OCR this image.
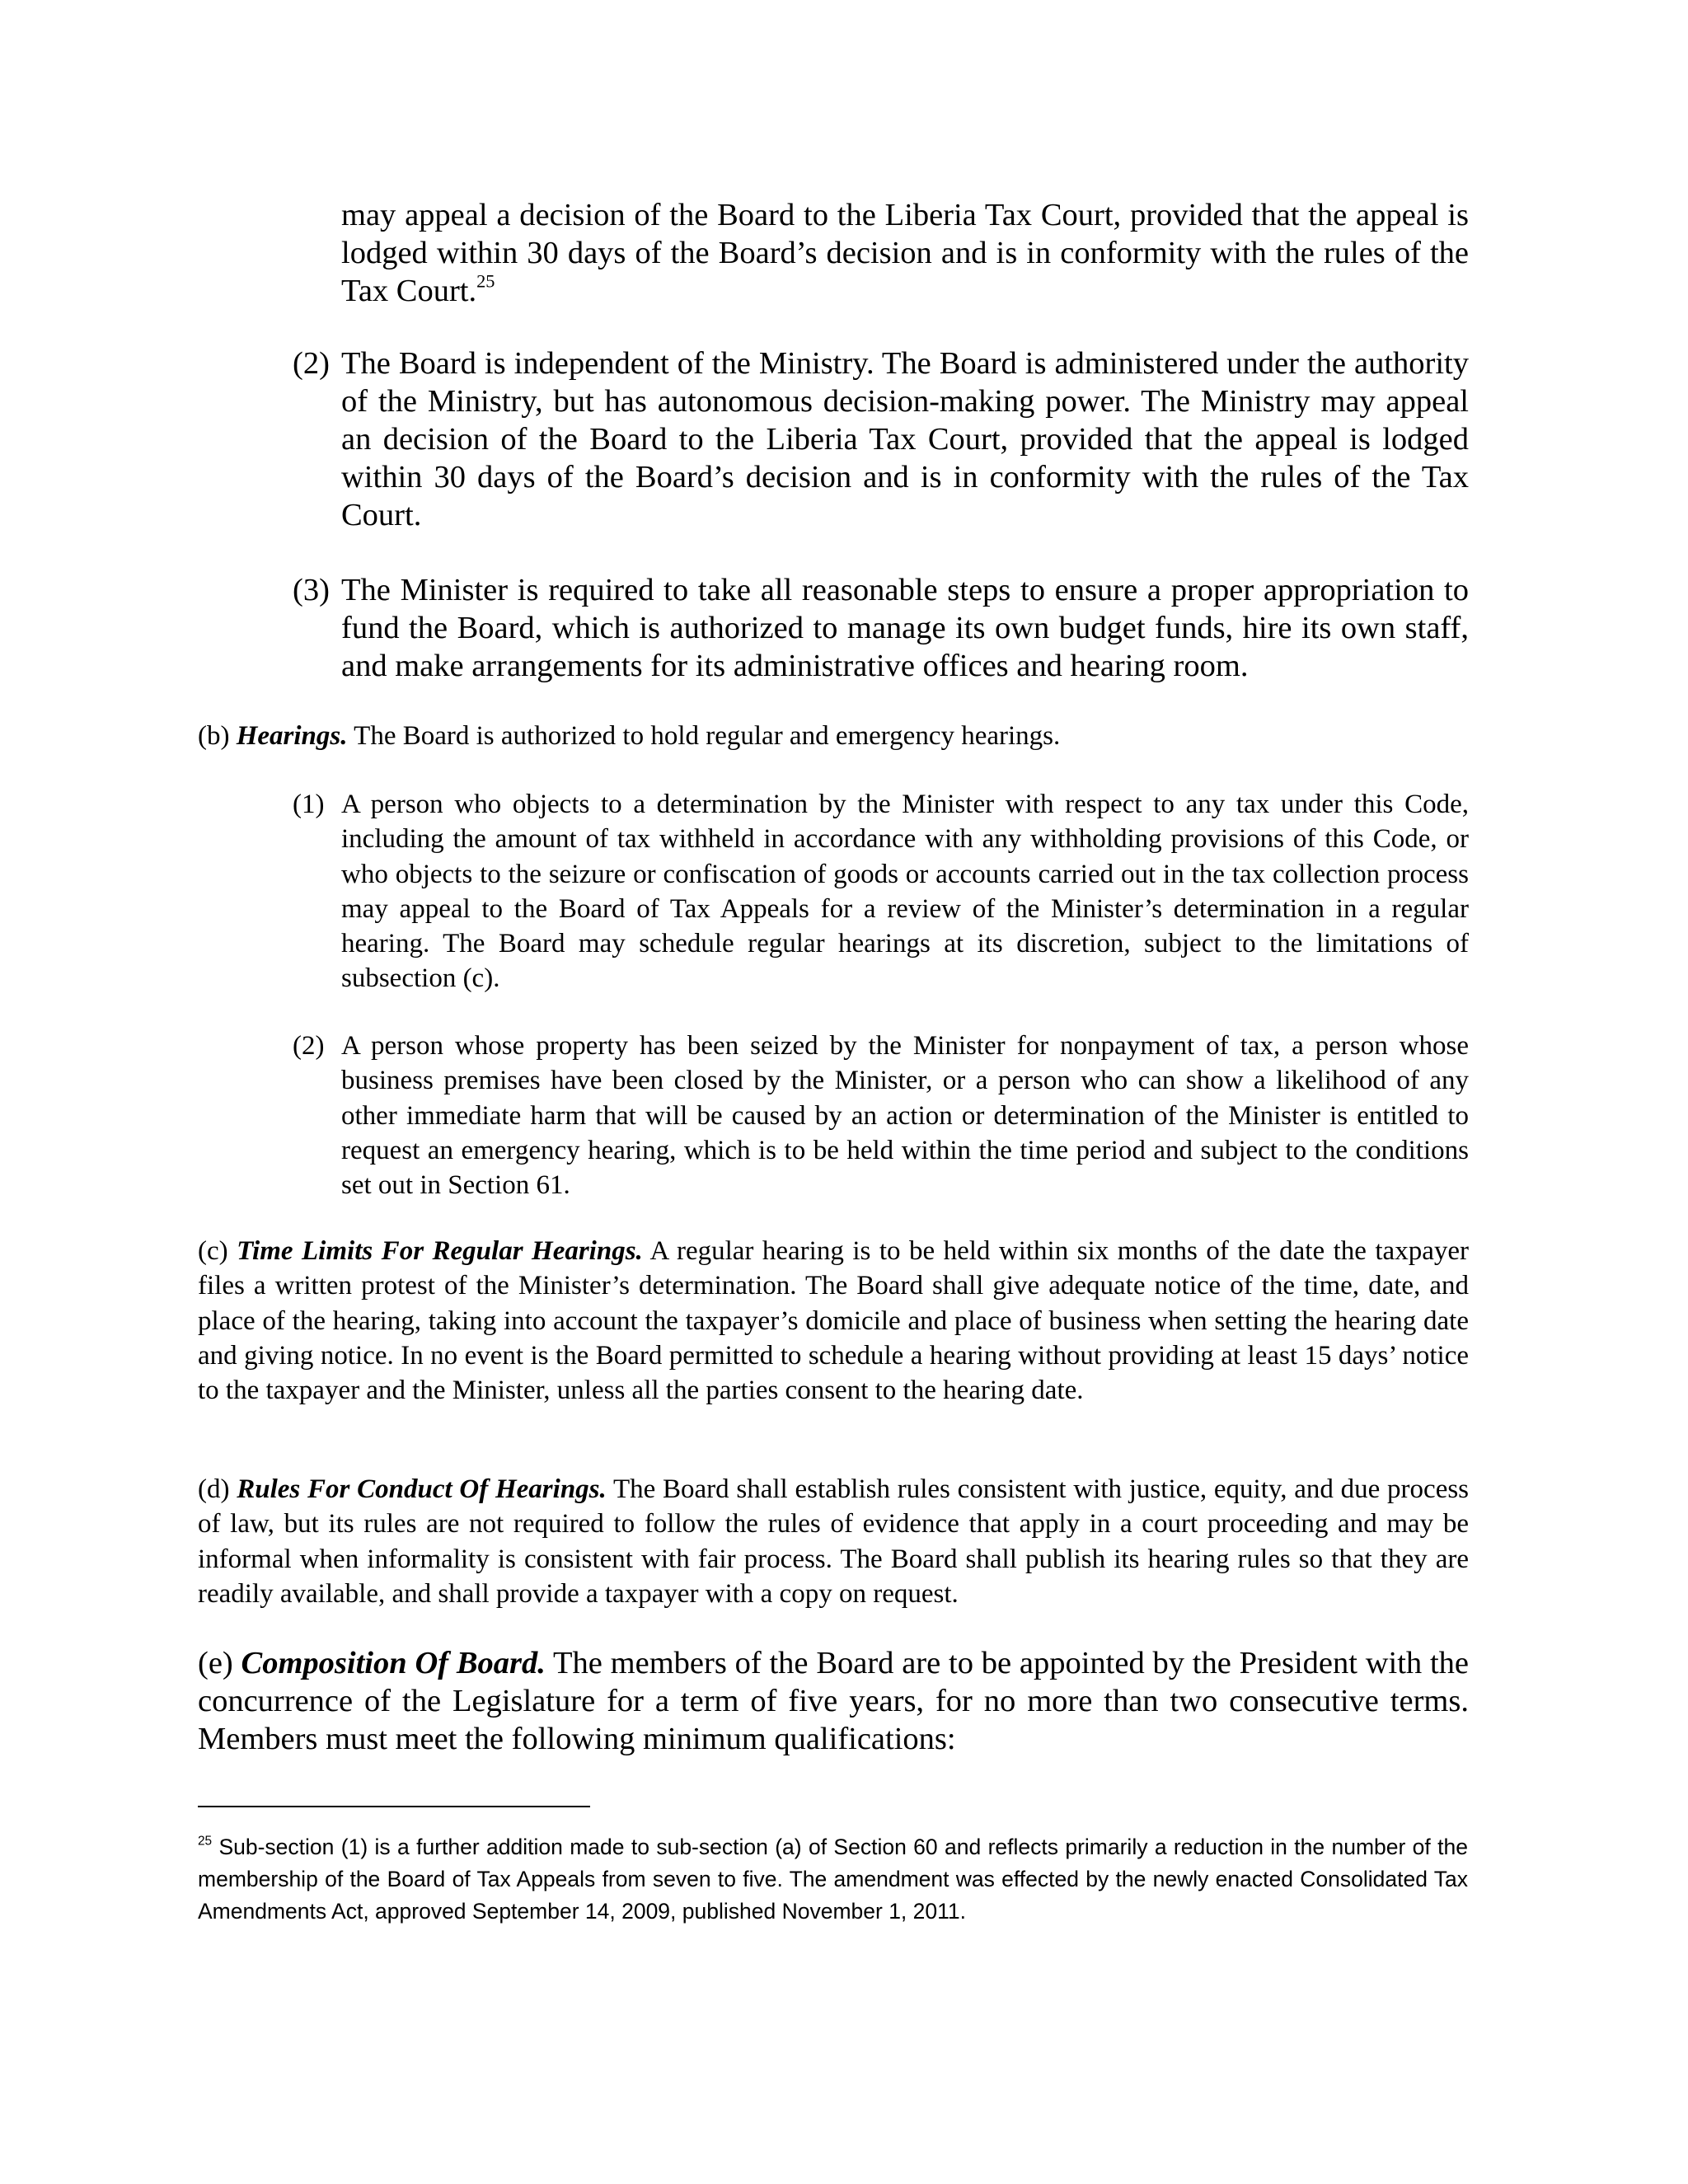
may appeal a decision of the Board to the Liberia Tax Court, provided that the appeal is lodged within 30 days of the Board’s decision and is in conformity with the rules of the Tax Court.$^{25}$

(2) The Board is independent of the Ministry. The Board is administered under the authority of the Ministry, but has autonomous decision-making power. The Ministry may appeal an decision of the Board to the Liberia Tax Court, provided that the appeal is lodged within 30 days of the Board’s decision and is in conformity with the rules of the Tax Court.

(3) The Minister is required to take all reasonable steps to ensure a proper appropriation to fund the Board, which is authorized to manage its own budget funds, hire its own staff, and make arrangements for its administrative offices and hearing room.

(b) Hearings. The Board is authorized to hold regular and emergency hearings.

(1) A person who objects to a determination by the Minister with respect to any tax under this Code, including the amount of tax withheld in accordance with any withholding provisions of this Code, or who objects to the seizure or confiscation of goods or accounts carried out in the tax collection process may appeal to the Board of Tax Appeals for a review of the Minister’s determination in a regular hearing. The Board may schedule regular hearings at its discretion, subject to the limitations of subsection (c).

(2) A person whose property has been seized by the Minister for nonpayment of tax, a person whose business premises have been closed by the Minister, or a person who can show a likelihood of any other immediate harm that will be caused by an action or determination of the Minister is entitled to request an emergency hearing, which is to be held within the time period and subject to the conditions set out in Section 61.

(c) Time Limits For Regular Hearings. A regular hearing is to be held within six months of the date the taxpayer files a written protest of the Minister’s determination. The Board shall give adequate notice of the time, date, and place of the hearing, taking into account the taxpayer’s domicile and place of business when setting the hearing date and giving notice. In no event is the Board permitted to schedule a hearing without providing at least 15 days’ notice to the taxpayer and the Minister, unless all the parties consent to the hearing date.

(d) Rules For Conduct Of Hearings. The Board shall establish rules consistent with justice, equity, and due process of law, but its rules are not required to follow the rules of evidence that apply in a court proceeding and may be informal when informality is consistent with fair process. The Board shall publish its hearing rules so that they are readily available, and shall provide a taxpayer with a copy on request.

(e) Composition Of Board. The members of the Board are to be appointed by the President with the concurrence of the Legislature for a term of five years, for no more than two consecutive terms. Members must meet the following minimum qualifications:

$^{25}$ Sub-section (1) is a further addition made to sub-section (a) of Section 60 and reflects primarily a reduction in the number of the membership of the Board of Tax Appeals from seven to five. The amendment was effected by the newly enacted Consolidated Tax Amendments Act, approved September 14, 2009, published November 1, 2011.
